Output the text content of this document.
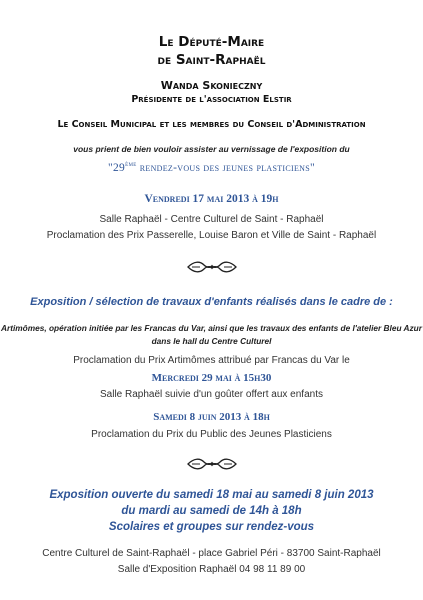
Le Député-Maire
de Saint-Raphaël
Wanda Skonieczny
Présidente de l'association Elstir
Le Conseil Municipal et les membres du Conseil d'Administration
vous prient de bien vouloir assister au vernissage de l'exposition du
"29ème rendez-vous des jeunes plasticiens"
Vendredi 17 mai 2013 à 19h
Salle Raphaël - Centre Culturel de Saint - Raphaël
Proclamation des Prix Passerelle, Louise Baron et Ville de Saint - Raphaël
Exposition / sélection de travaux d'enfants réalisés dans le cadre de :
Artimômes, opération initiée par les Francas du Var, ainsi que les travaux des enfants de l'atelier Bleu Azur
dans le hall du Centre Culturel
Proclamation du Prix Artimômes attribué par Francas du Var le
Mercredi 29 mai à 15h30
Salle Raphaël suivie d'un goûter offert aux enfants
Samedi 8 juin 2013 à 18h
Proclamation du Prix du Public des Jeunes Plasticiens
Exposition ouverte du samedi 18 mai au samedi 8 juin 2013
du mardi au samedi de 14h à 18h
Scolaires et groupes sur rendez-vous
Centre Culturel de Saint-Raphaël - place Gabriel Péri - 83700 Saint-Raphaël
Salle d'Exposition Raphaël 04 98 11 89 00
